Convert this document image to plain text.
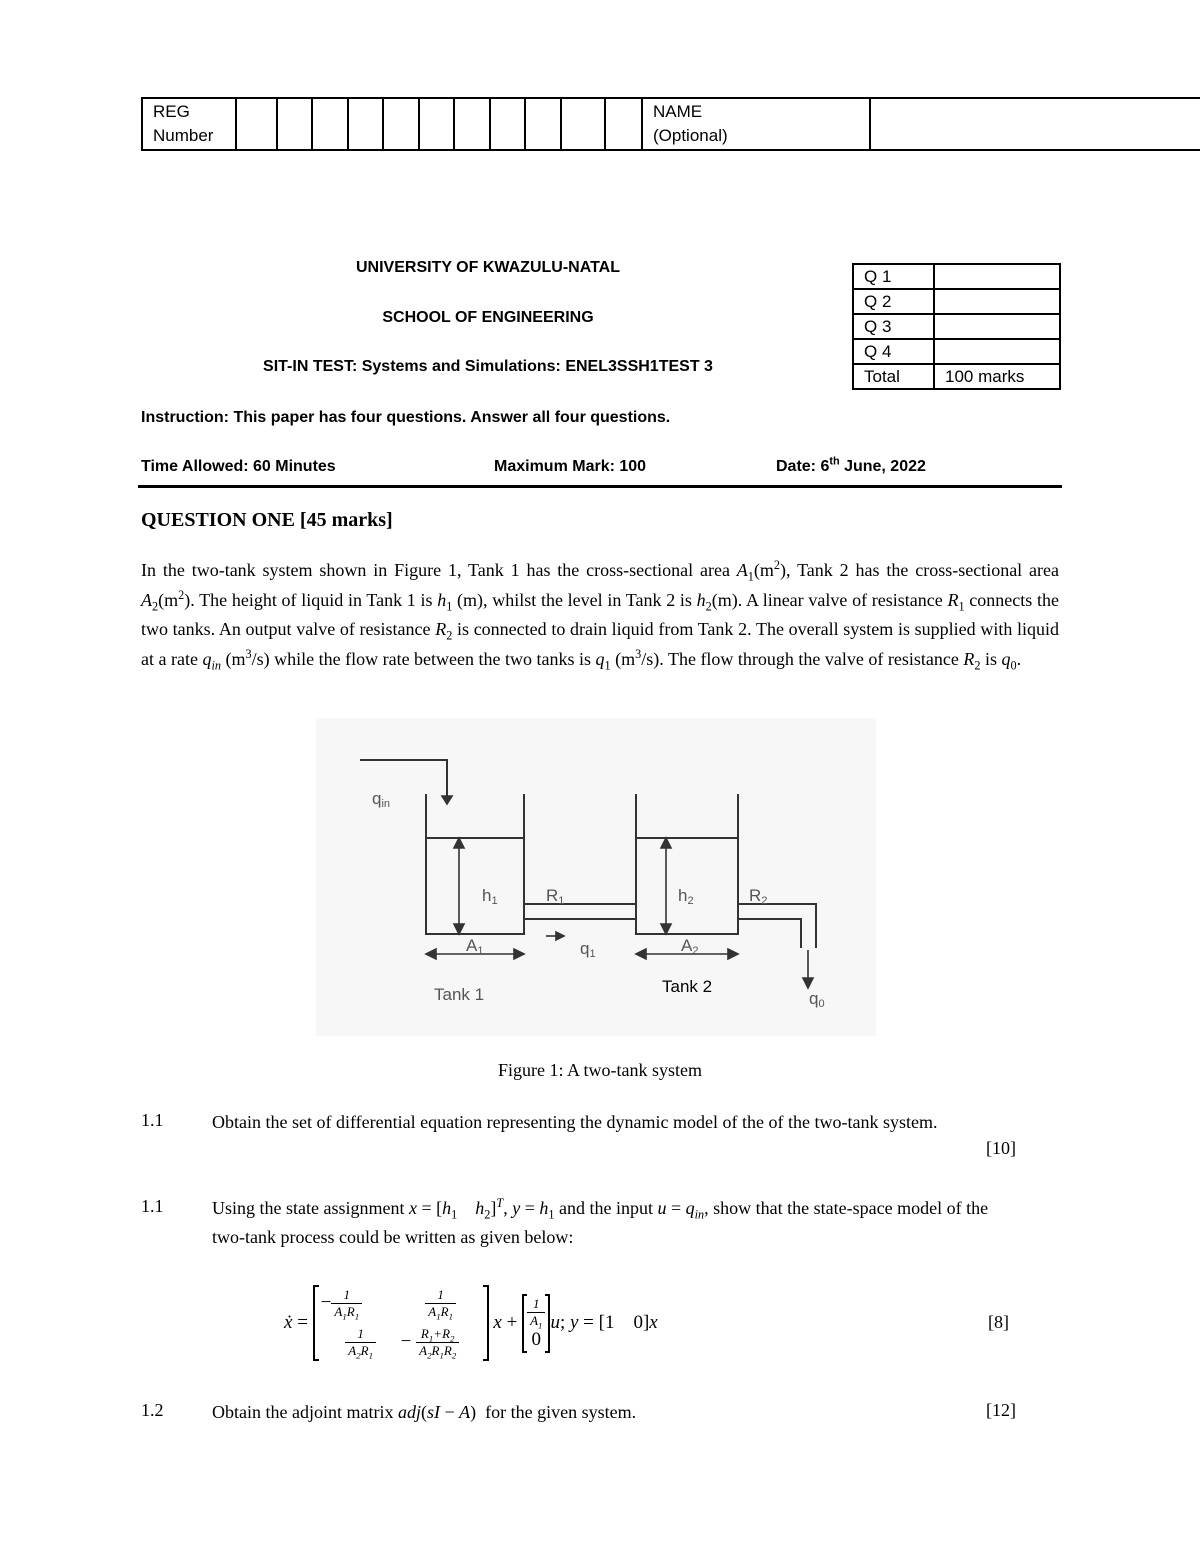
REG
Number

NAME
(Optional)

UNIVERSITY OF KWAZULU-NATAL
SCHOOL OF ENGINEERING
SIT-IN TEST: Systems and Simulations: ENEL3SSH1TEST 3
Instruction: This paper has four questions. Answer all four questions.
Time Allowed: 60 Minutes	Maximum Mark: 100	Date: 6th June, 2022
Q 1	
Q 2	
Q 3	
Q 4	
Total	100 marks
QUESTION ONE [45 marks]
In the two-tank system shown in Figure 1, Tank 1 has the cross-sectional area $A_1(m^2)$, Tank 2 has the cross-sectional area $A_2(m^2)$. The height of liquid in Tank 1 is $h_1$ (m), whilst the level in Tank 2 is $h_2(m)$. A linear valve of resistance $R_1$ connects the two tanks. An output valve of resistance $R_2$ is connected to drain liquid from Tank 2. The overall system is supplied with liquid at a rate $q_{in}$ $(m^3/s)$ while the flow rate between the two tanks is $q_1$ $(m^3/s)$. The flow through the valve of resistance $R_2$ is $q_0$.
qin
h1	R1	h2	R2
A1	A2
q1
q0
Tank 1	Tank 2
Figure 1: A two-tank system
1.1	Obtain the set of differential equation representing the dynamic model of the of the two-tank system.
[10]
1.1	Using the state assignment $x = [h_1$ $h_2]^T$, $y = h_1$ and the input $u = q_{in}$, show that the state-space model of the two-tank process could be written as given below:
ẋ =
− $\frac{1}{A_1R_1}$	$\frac{1}{A_1R_1}$
$\frac{1}{A_2R_1} - \frac{R_1+R_2}{A_2R_1R_2}$

$x + \frac{1}{A_1}$
0
u ; y = [1    0] x	[8]
1.2	Obtain the adjoint matrix adj(sI − A)  for the given system.	[12]
